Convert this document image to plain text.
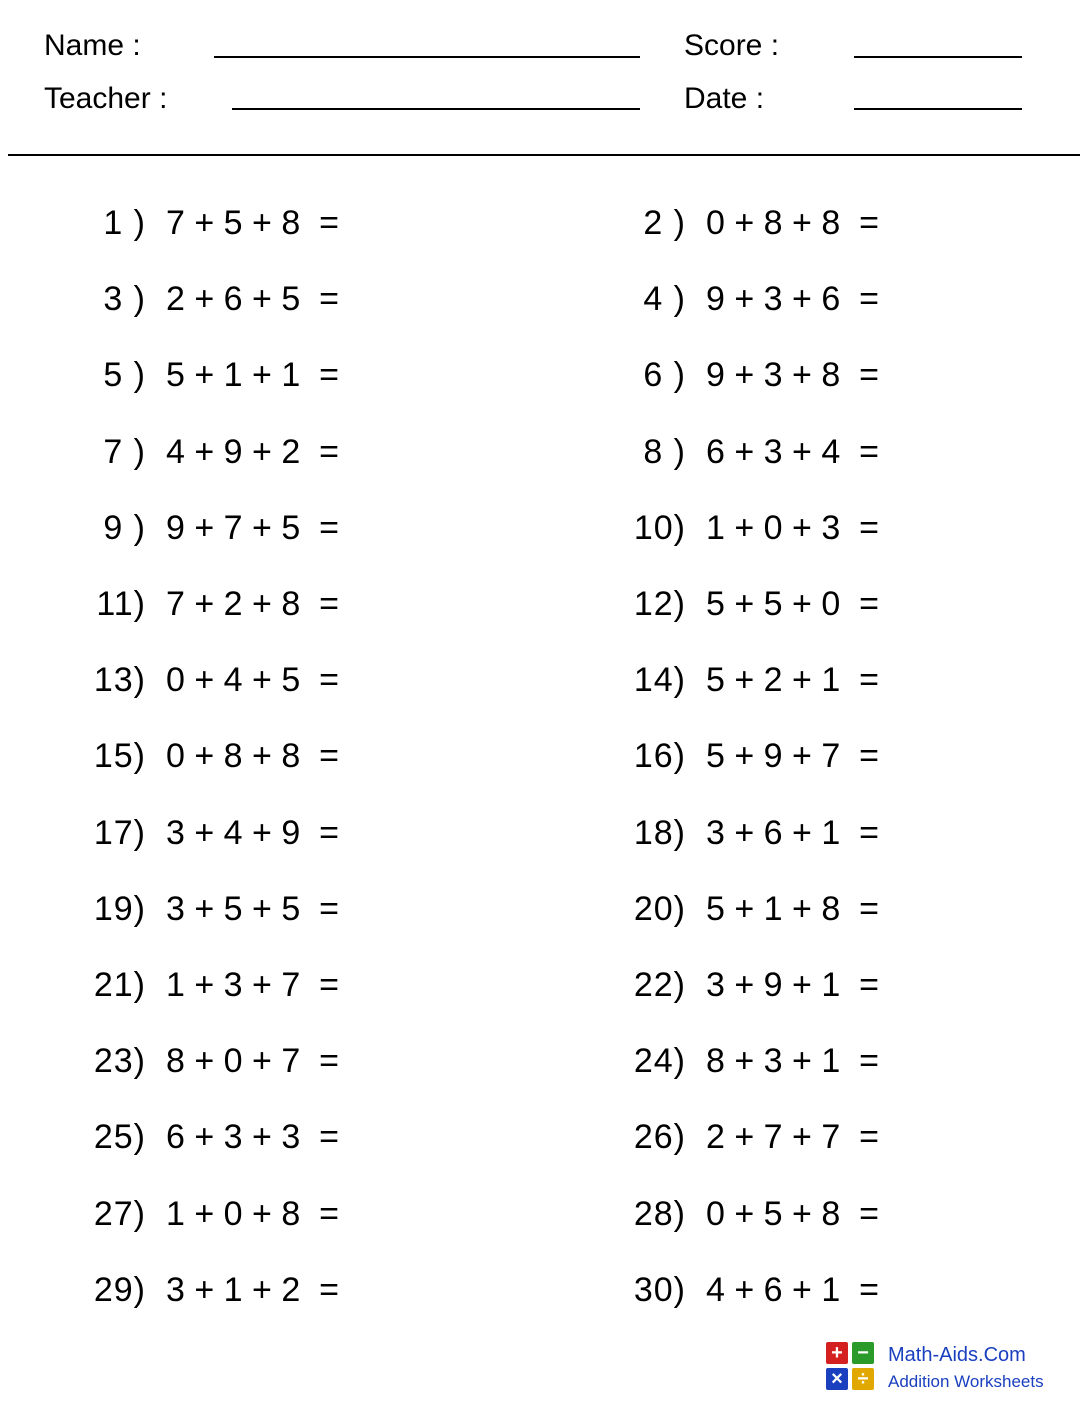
Name :
Teacher :
Score :
Date :
1 ) 7 + 5 + 8  =	2 ) 0 + 8 + 8  =
3 ) 2 + 6 + 5  =	4 ) 9 + 3 + 6  =
5 ) 5 + 1 + 1  =	6 ) 9 + 3 + 8  =
7 ) 4 + 9 + 2  =	8 ) 6 + 3 + 4  =
9 ) 9 + 7 + 5  =	10) 1 + 0 + 3  =
11) 7 + 2 + 8  =	12) 5 + 5 + 0  =
13) 0 + 4 + 5  =	14) 5 + 2 + 1  =
15) 0 + 8 + 8  =	16) 5 + 9 + 7  =
17) 3 + 4 + 9  =	18) 3 + 6 + 1  =
19) 3 + 5 + 5  =	20) 5 + 1 + 8  =
21) 1 + 3 + 7  =	22) 3 + 9 + 1  =
23) 8 + 0 + 7  =	24) 8 + 3 + 1  =
25) 6 + 3 + 3  =	26) 2 + 7 + 7  =
27) 1 + 0 + 8  =	28) 0 + 5 + 8  =
29) 3 + 1 + 2  =	30) 4 + 6 + 1  =
+ −
× ÷
Math-Aids.Com
Addition Worksheets
